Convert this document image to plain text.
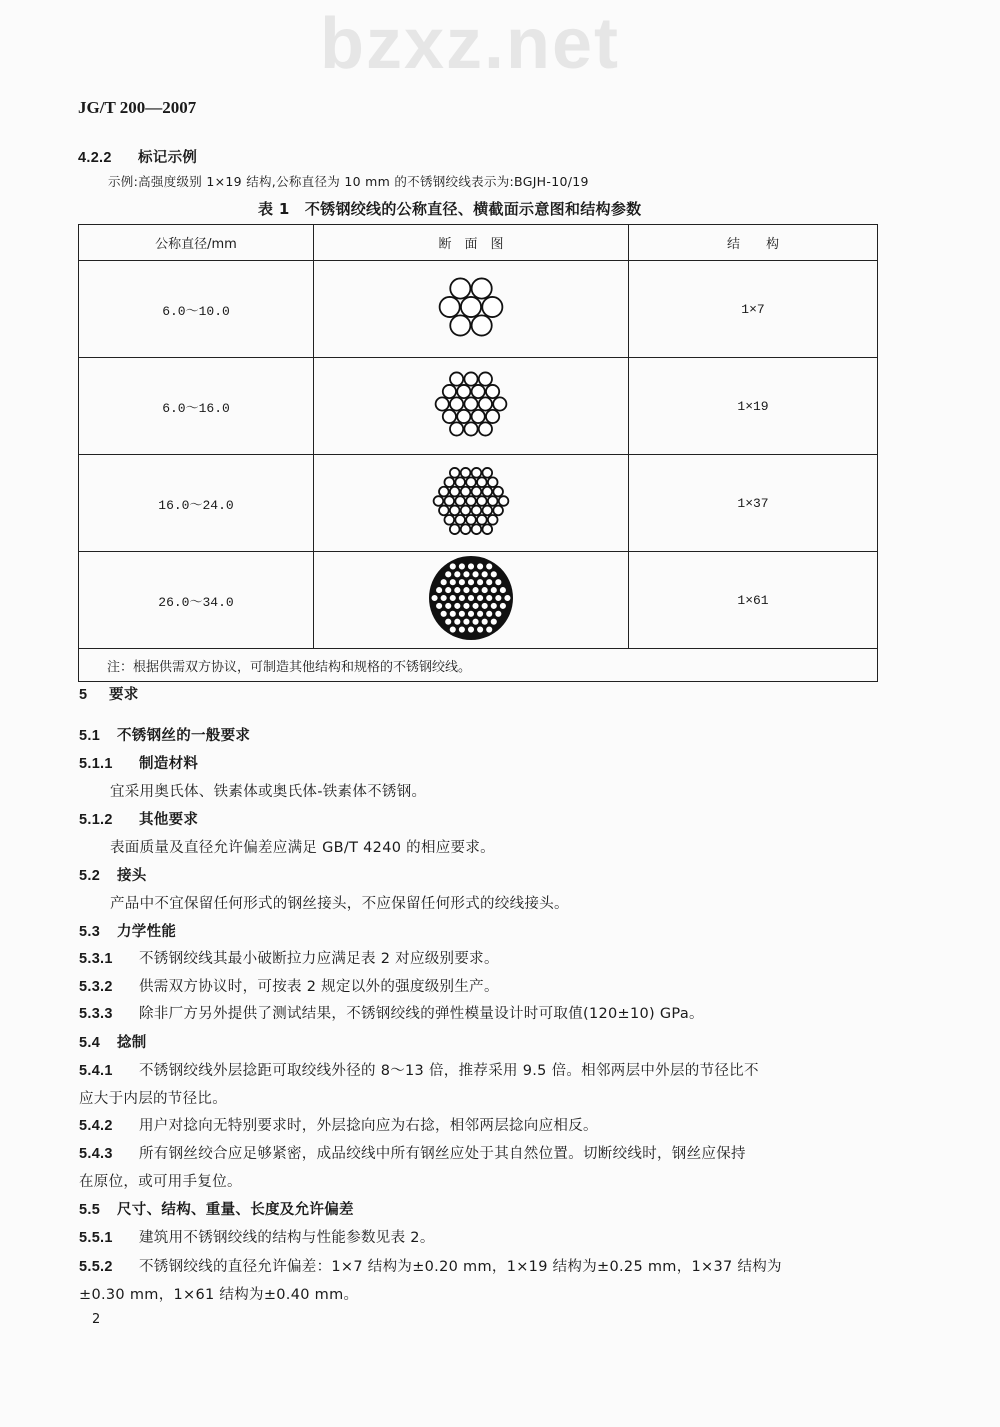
bzxz.net
JG/T 200—2007
4.2.2 标记示例
示例:高强度级别 1×19 结构,公称直径为 10 mm 的不锈钢绞线表示为:BGJH-10/19
表 1　不锈钢绞线的公称直径、横截面示意图和结构参数
公称直径/mm	断　面　图	结　　构
6.0～10.0		1×7
6.0～16.0		1×19
16.0～24.0		1×37
26.0～34.0		1×61
注：根据供需双方协议，可制造其他结构和规格的不锈钢绞线。		
5 要求
5.1 不锈钢丝的一般要求
5.1.1 制造材料
宜采用奥氏体、铁素体或奥氏体-铁素体不锈钢。
5.1.2 其他要求
表面质量及直径允许偏差应满足 GB/T 4240 的相应要求。
5.2 接头
产品中不宜保留任何形式的钢丝接头，不应保留任何形式的绞线接头。
5.3 力学性能
5.3.1 不锈钢绞线其最小破断拉力应满足表 2 对应级别要求。
5.3.2 供需双方协议时，可按表 2 规定以外的强度级别生产。
5.3.3 除非厂方另外提供了测试结果，不锈钢绞线的弹性模量设计时可取值(120±10) GPa。
5.4 捻制
5.4.1 不锈钢绞线外层捻距可取绞线外径的 8～13 倍，推荐采用 9.5 倍。相邻两层中外层的节径比不
应大于内层的节径比。
5.4.2 用户对捻向无特别要求时，外层捻向应为右捻，相邻两层捻向应相反。
5.4.3 所有钢丝绞合应足够紧密，成品绞线中所有钢丝应处于其自然位置。切断绞线时，钢丝应保持
在原位，或可用手复位。
5.5 尺寸、结构、重量、长度及允许偏差
5.5.1 建筑用不锈钢绞线的结构与性能参数见表 2。
5.5.2 不锈钢绞线的直径允许偏差：1×7 结构为±0.20 mm，1×19 结构为±0.25 mm，1×37 结构为
±0.30 mm，1×61 结构为±0.40 mm。
2
